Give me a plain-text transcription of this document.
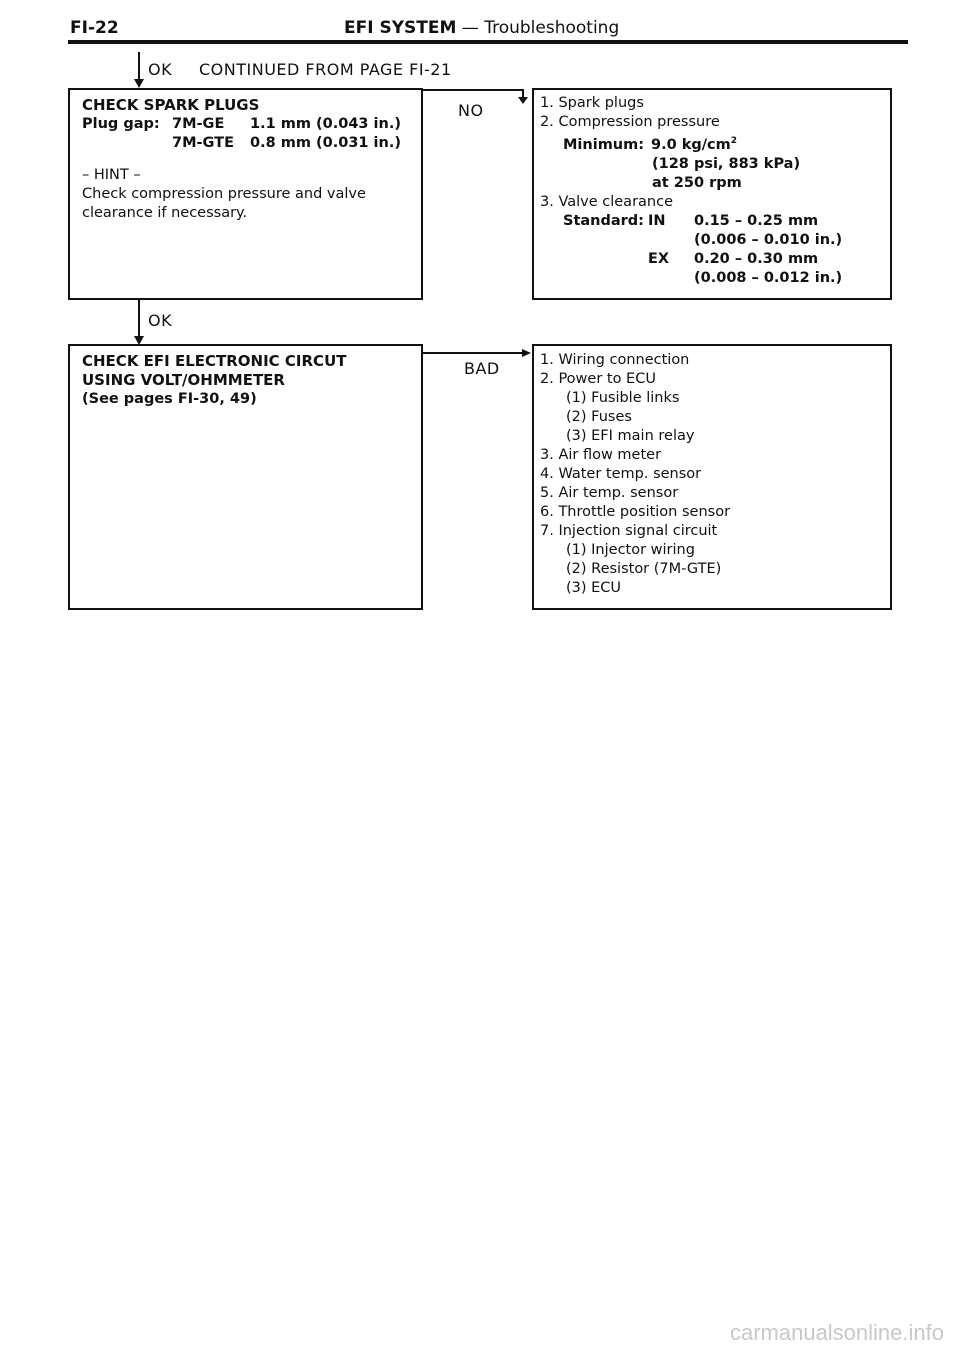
FI-22	EFI SYSTEM — Troubleshooting
OK CONTINUED FROM PAGE FI-21
CHECK SPARK PLUGS
Plug gap: 7M-GE	1.1 mm (0.043 in.)
7M-GTE	0.8 mm (0.031 in.)
– HINT –
Check compression pressure and valve
clearance if necessary.
NO	1. Spark plugs
2. Compression pressure
Minimum: 9.0 $kg/cm^2$
(128 psi, 883 kPa)
at 250 rpm
3. Valve clearance
Standard: IN	0.15 – 0.25 mm
(0.006 – 0.010 in.)
EX	0.20 – 0.30 mm
(0.008 – 0.012 in.)
OK
CHECK EFI ELECTRONIC CIRCUT
USING VOLT/OHMMETER
(See pages FI-30, 49)
BAD	1. Wiring connection
2. Power to ECU
(1) Fusible links
(2) Fuses
(3) EFI main relay
3. Air flow meter
4. Water temp. sensor
5. Air temp. sensor
6. Throttle position sensor
7. Injection signal circuit
(1) Injector wiring
(2) Resistor (7M-GTE)
(3) ECU
carmanualsonline.info
